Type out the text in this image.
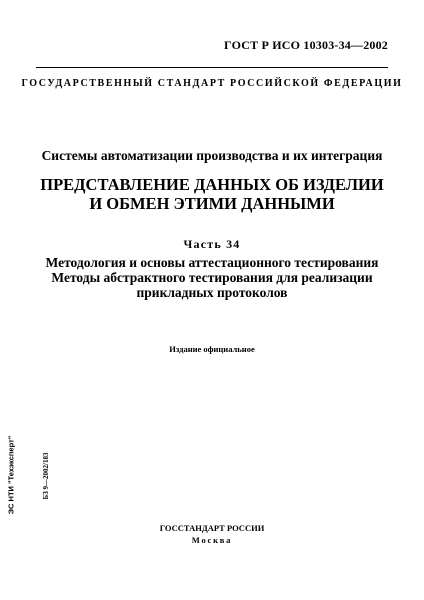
ГОСТ Р ИСО 10303-34—2002
ГОСУДАРСТВЕННЫЙ СТАНДАРТ РОССИЙСКОЙ ФЕДЕРАЦИИ
Системы автоматизации производства и их интеграция
ПРЕДСТАВЛЕНИЕ ДАННЫХ ОБ ИЗДЕЛИИ
И ОБМЕН ЭТИМИ ДАННЫМИ
Часть 34
Методология и основы аттестационного тестирования
Методы абстрактного тестирования для реализации
прикладных протоколов
Издание официальное
БЗ 9—2002/183
ЭС НТИ "Техэксперт"
ГОССТАНДАРТ РОССИИ
Москва
